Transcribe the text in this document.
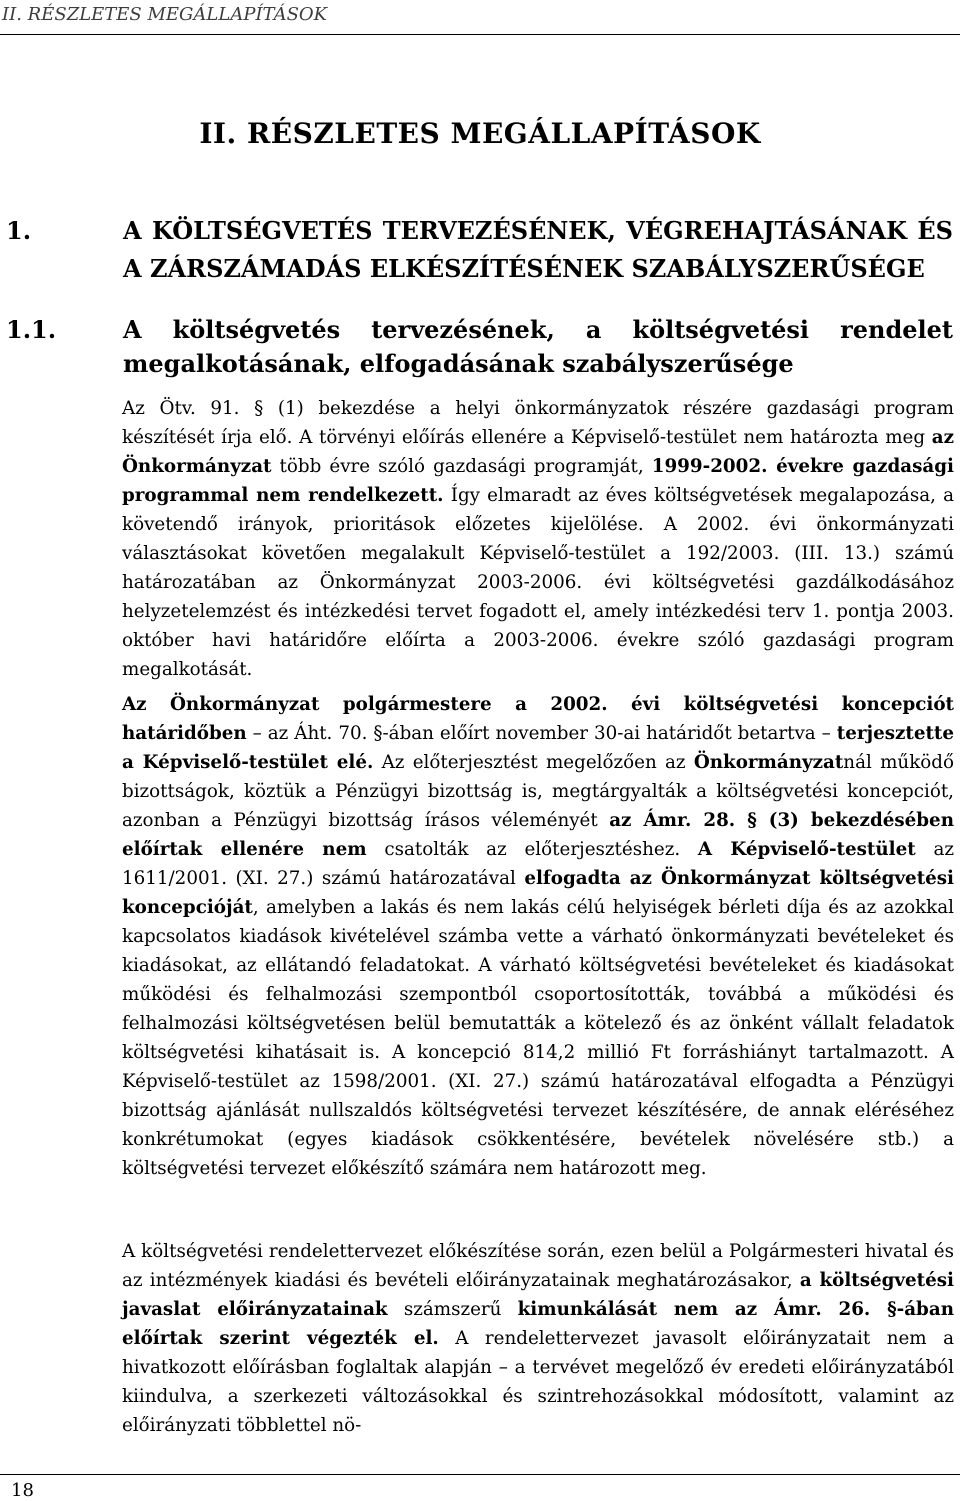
II. RÉSZLETES MEGÁLLAPÍTÁSOK
II. RÉSZLETES MEGÁLLAPÍTÁSOK
1.	A KÖLTSÉGVETÉS TERVEZÉSÉNEK, VÉGREHAJTÁSÁNAK ÉS A ZÁRSZÁMADÁS ELKÉSZÍTÉSÉNEK SZABÁLYSZERŰSÉGE
1.1.	A költségvetés tervezésének, a költségvetési rendelet megalkotásának, elfogadásának szabályszerűsége

Az Ötv. 91. § (1) bekezdése a helyi önkormányzatok részére gazdasági program készítését írja elő. A törvényi előírás ellenére a Képviselő-testület nem határozta meg az Önkormányzat több évre szóló gazdasági programját, 1999-2002. évekre gazdasági programmal nem rendelkezett. Így elmaradt az éves költségvetések megalapozása, a követendő irányok, prioritások előzetes kijelölése. A 2002. évi önkormányzati választásokat követően megalakult Képviselő-testület a 192/2003. (III. 13.) számú határozatában az Önkormányzat 2003-2006. évi költségvetési gazdálkodásához helyzetelemzést és intézkedési tervet fogadott el, amely intézkedési terv 1. pontja 2003. október havi határidőre előírta a 2003-2006. évekre szóló gazdasági program megalkotását.

Az Önkormányzat polgármestere a 2002. évi költségvetési koncepciót határidőben – az Áht. 70. §-ában előírt november 30-ai határidőt betartva – terjesztette a Képviselő-testület elé. Az előterjesztést megelőzően az Önkormányzatnál működő bizottságok, köztük a Pénzügyi bizottság is, megtárgyalták a költségvetési koncepciót, azonban a Pénzügyi bizottság írásos véleményét az Ámr. 28. § (3) bekezdésében előírtak ellenére nem csatolták az előterjesztéshez. A Képviselő-testület az 1611/2001. (XI. 27.) számú határozatával elfogadta az Önkormányzat költségvetési koncepcióját, amelyben a lakás és nem lakás célú helyiségek bérleti díja és az azokkal kapcsolatos kiadások kivételével számba vette a várható önkormányzati bevételeket és kiadásokat, az ellátandó feladatokat. A várható költségvetési bevételeket és kiadásokat működési és felhalmozási szempontból csoportosították, továbbá a működési és felhalmozási költségvetésen belül bemutatták a kötelező és az önként vállalt feladatok költségvetési kihatásait is. A koncepció 814,2 millió Ft forráshiányt tartalmazott. A Képviselő-testület az 1598/2001. (XI. 27.) számú határozatával elfogadta a Pénzügyi bizottság ajánlását nullszaldós költségvetési tervezet készítésére, de annak eléréséhez konkrétumokat (egyes kiadások csökkentésére, bevételek növelésére stb.) a költségvetési tervezet előkészítő számára nem határozott meg.

A költségvetési rendelettervezet előkészítése során, ezen belül a Polgármesteri hivatal és az intézmények kiadási és bevételi előirányzatainak meghatározásakor, a költségvetési javaslat előirányzatainak számszerű kimunkálását nem az Ámr. 26. §-ában előírtak szerint végezték el. A rendelettervezet javasolt előirányzatait nem a hivatkozott előírásban foglaltak alapján – a tervévet megelőző év eredeti előirányzatából kiindulva, a szerkezeti változásokkal és szintrehozásokkal módosított, valamint az előirányzati többlettel nö-

18
